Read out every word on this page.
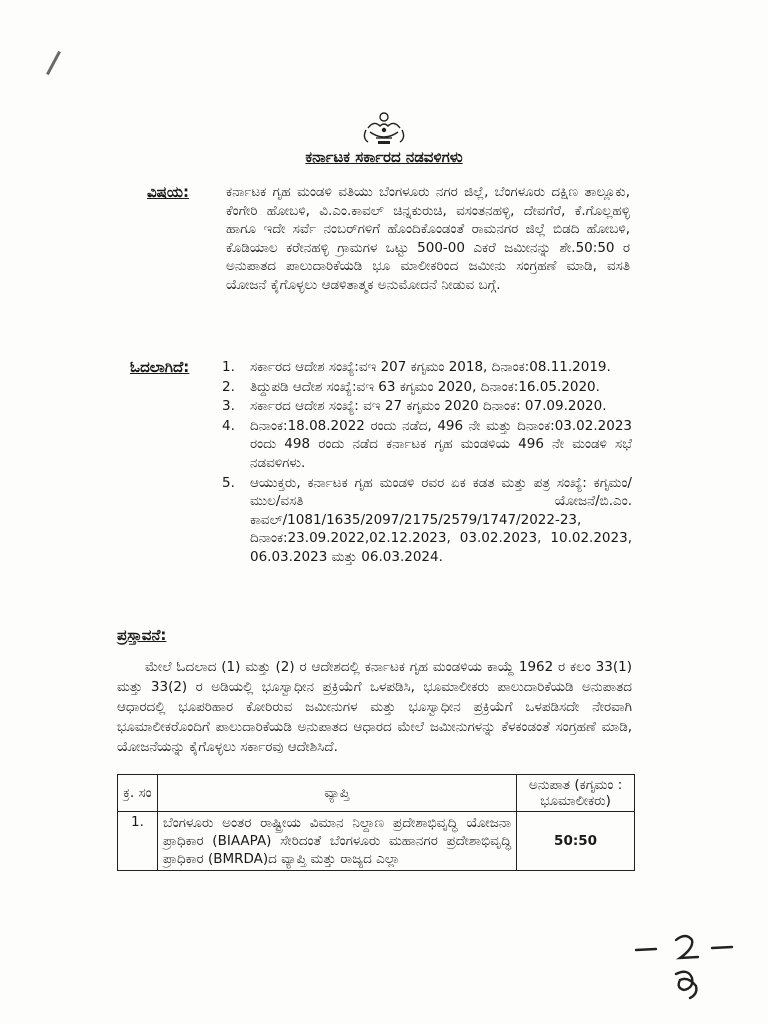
ಕರ್ನಾಟಕ ಸರ್ಕಾರದ ನಡವಳಿಗಳು
ವಿಷಯ:	ಕರ್ನಾಟಕ ಗೃಹ ಮಂಡಳಿ ವತಿಯು ಬೆಂಗಳೂರು ನಗರ ಜಿಲ್ಲೆ, ಬೆಂಗಳೂರು ದಕ್ಷಿಣ ತಾಲ್ಲೂಕು, ಕೆಂಗೇರಿ ಹೋಬಳಿ, ವಿ.ಎಂ.ಕಾವಲ್ ಚಿನ್ನಕುರುಚಿ, ವಸಂತನಹಳ್ಳಿ, ದೇವಗೆರೆ, ಕೆ.ಗೊಲ್ಲಹಳ್ಳಿ ಹಾಗೂ ಇದೇ ಸರ್ವೆ ನಂಬರ್‌ಗಳಿಗೆ ಹೊಂದಿಕೊಂಡಂತೆ ರಾಮನಗರ ಜಿಲ್ಲೆ ಬಿಡದಿ ಹೋಬಳಿ, ಕೊಡಿಯಾಲ ಕರೇನಹಳ್ಳಿ ಗ್ರಾಮಗಳ ಒಟ್ಟು 500-00 ಎಕರೆ ಜಮೀನನ್ನು ಶೇ.50:50 ರ ಅನುಪಾತದ ಪಾಲುದಾರಿಕೆಯಡಿ ಭೂ ಮಾಲೀಕರಿಂದ ಜಮೀನು ಸಂಗ್ರಹಣೆ ಮಾಡಿ, ವಸತಿ ಯೋಜನೆ ಕೈಗೊಳ್ಳಲು ಆಡಳಿತಾತ್ಮಕ ಅನುಮೋದನೆ ನೀಡುವ ಬಗ್ಗೆ.
ಓದಲಾಗಿದೆ: 1. ಸರ್ಕಾರದ ಆದೇಶ ಸಂಖ್ಯೆ:ವಇ 207 ಕಗೃಮಂ 2018, ದಿನಾಂಕ:08.11.2019.
2. ತಿದ್ದುಪಡಿ ಆದೇಶ ಸಂಖ್ಯೆ:ವಇ 63 ಕಗೃಮಂ 2020, ದಿನಾಂಕ:16.05.2020.
3. ಸರ್ಕಾರದ ಆದೇಶ ಸಂಖ್ಯೆ: ವಇ 27 ಕಗೃಮಂ 2020 ದಿನಾಂಕ: 07.09.2020.
4. ದಿನಾಂಕ:18.08.2022 ರಂದು ನಡೆದ, 496 ನೇ ಮತ್ತು ದಿನಾಂಕ:03.02.2023 ರಂದು 498 ರಂದು ನಡೆದ ಕರ್ನಾಟಕ ಗೃಹ ಮಂಡಳಿಯ 496 ನೇ ಮಂಡಳಿ ಸಭೆ ನಡವಳಿಗಳು.
5. ಆಯುಕ್ತರು, ಕರ್ನಾಟಕ ಗೃಹ ಮಂಡಳಿ ರವರ ಏಕ ಕಡತ ಮತ್ತು ಪತ್ರ ಸಂಖ್ಯೆ: ಕಗೃಮಂ/ಮುಲ/ವಸತಿ ಯೋಜನೆ/ಬಿ.ಎಂ. ಕಾವಲ್/1081/1635/2097/2175/2579/1747/2022-23, ದಿನಾಂಕ:23.09.2022,02.12.2023, 03.02.2023, 10.02.2023, 06.03.2023 ಮತ್ತು 06.03.2024.
ಪ್ರಸ್ತಾವನೆ:
ಮೇಲೆ ಓದಲಾದ (1) ಮತ್ತು (2) ರ ಆದೇಶದಲ್ಲಿ ಕರ್ನಾಟಕ ಗೃಹ ಮಂಡಳಿಯ ಕಾಯ್ದೆ 1962 ರ ಕಲಂ 33(1) ಮತ್ತು 33(2) ರ ಅಡಿಯಲ್ಲಿ ಭೂಸ್ವಾಧೀನ ಪ್ರಕ್ರಿಯೆಗೆ ಒಳಪಡಿಸಿ, ಭೂಮಾಲೀಕರು ಪಾಲುದಾರಿಕೆಯಡಿ ಅನುಪಾತದ ಆಧಾರದಲ್ಲಿ ಭೂಪರಿಹಾರ ಕೋರಿರುವ ಜಮೀನುಗಳ ಮತ್ತು ಭೂಸ್ವಾಧೀನ ಪ್ರಕ್ರಿಯೆಗೆ ಒಳಪಡಿಸದೇ ನೇರವಾಗಿ ಭೂಮಾಲೀಕರೊಂದಿಗೆ ಪಾಲುದಾರಿಕೆಯಡಿ ಅನುಪಾತದ ಆಧಾರದ ಮೇಲೆ ಜಮೀನುಗಳನ್ನು ಕೆಳಕಂಡಂತೆ ಸಂಗ್ರಹಣೆ ಮಾಡಿ, ಯೋಜನೆಯನ್ನು ಕೈಗೊಳ್ಳಲು ಸರ್ಕಾರವು ಆದೇಶಿಸಿದೆ.
ಕ್ರ. ಸಂ	ವ್ಯಾಪ್ತಿ	ಅನುಪಾತ (ಕಗೃಮಂ : ಭೂಮಾಲೀಕರು)
1.	ಬೆಂಗಳೂರು ಅಂತರ ರಾಷ್ಟ್ರೀಯ ವಿಮಾನ ನಿಲ್ದಾಣ ಪ್ರದೇಶಾಭಿವೃದ್ಧಿ ಯೋಜನಾ ಪ್ರಾಧಿಕಾರ (BIAAPA) ಸೇರಿದಂತೆ ಬೆಂಗಳೂರು ಮಹಾನಗರ ಪ್ರದೇಶಾಭಿವೃದ್ಧಿ ಪ್ರಾಧಿಕಾರ (BMRDA)ದ ವ್ಯಾಪ್ತಿ ಮತ್ತು ರಾಜ್ಯದ ಎಲ್ಲಾ	50:50
-2-
